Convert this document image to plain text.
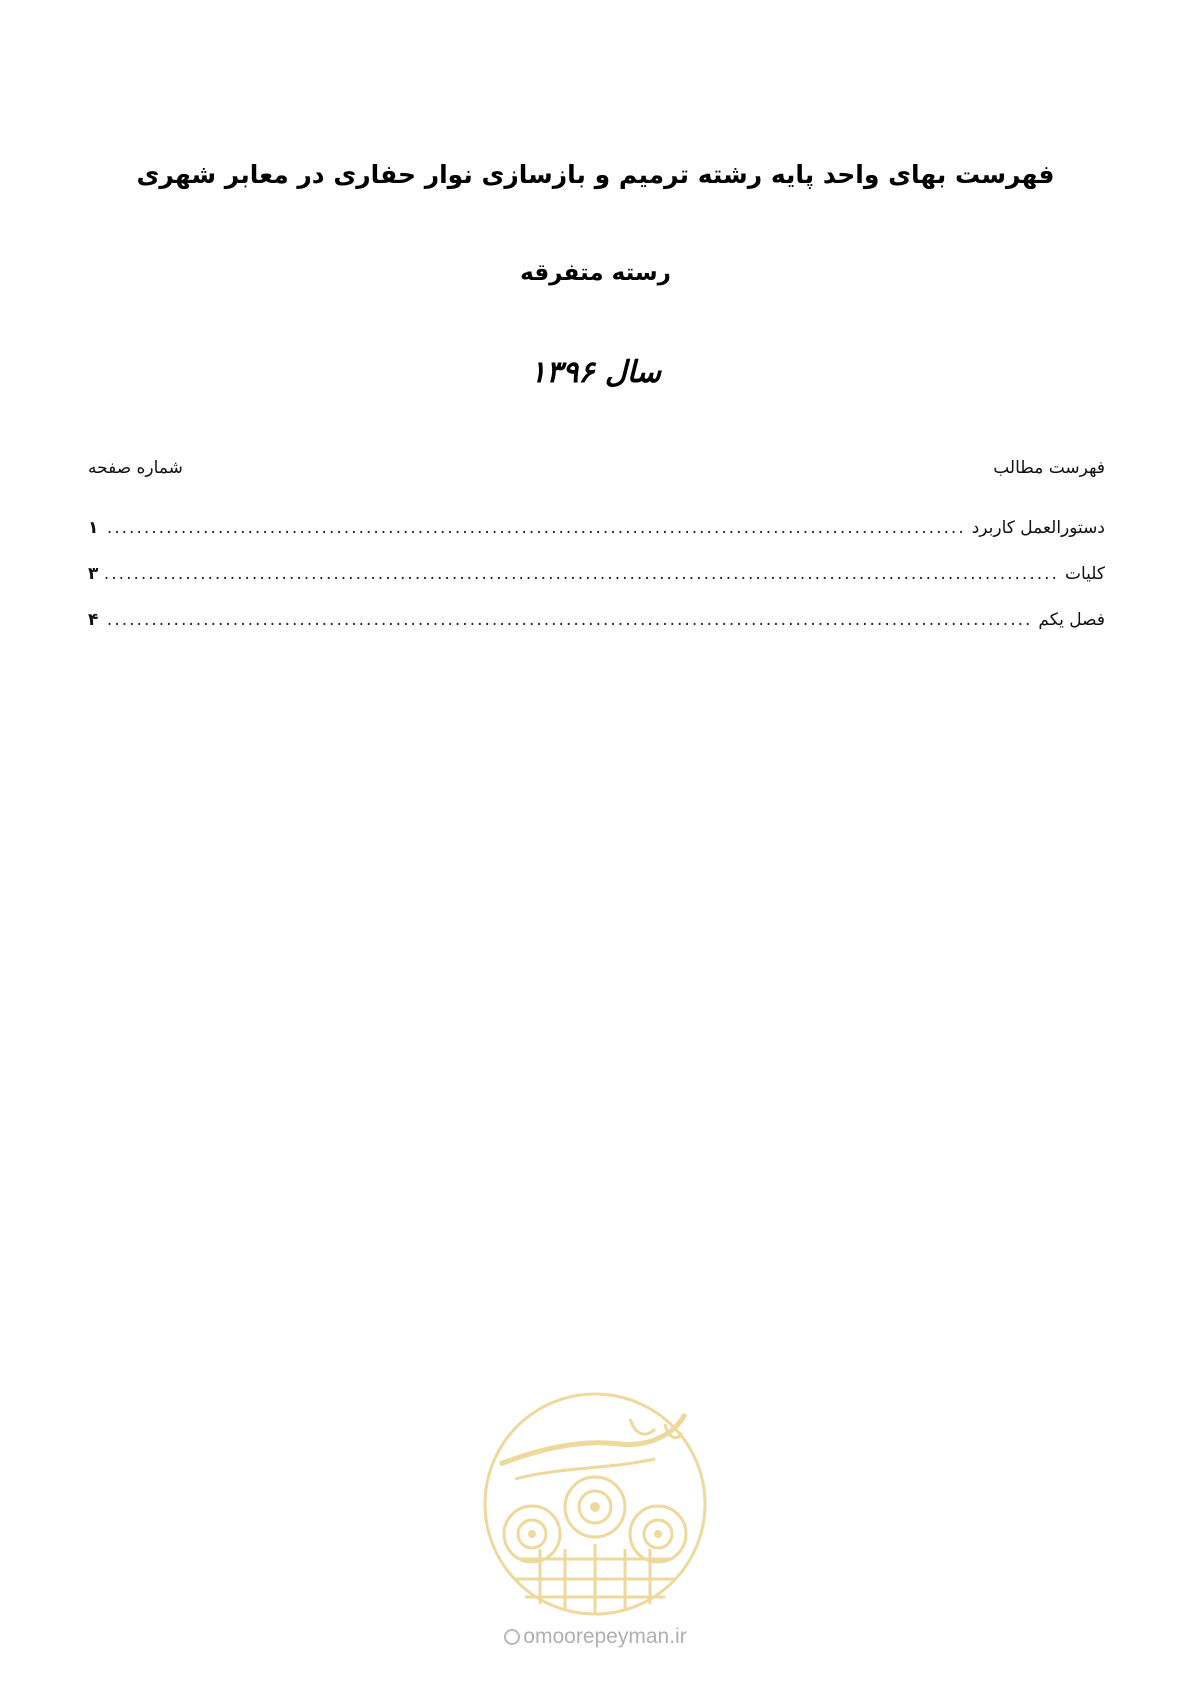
فهرست بهای واحد پایه رشته ترمیم و بازسازی نوار حفاری در معابر شهری
رسته متفرقه
سال ۱۳۹۶
فهرست مطالب
شماره صفحه
دستورالعمل کاربرد
.....
۱
کلیات
.....
۳
فصل یکم
.....
۴
omoorepeyman.ir
